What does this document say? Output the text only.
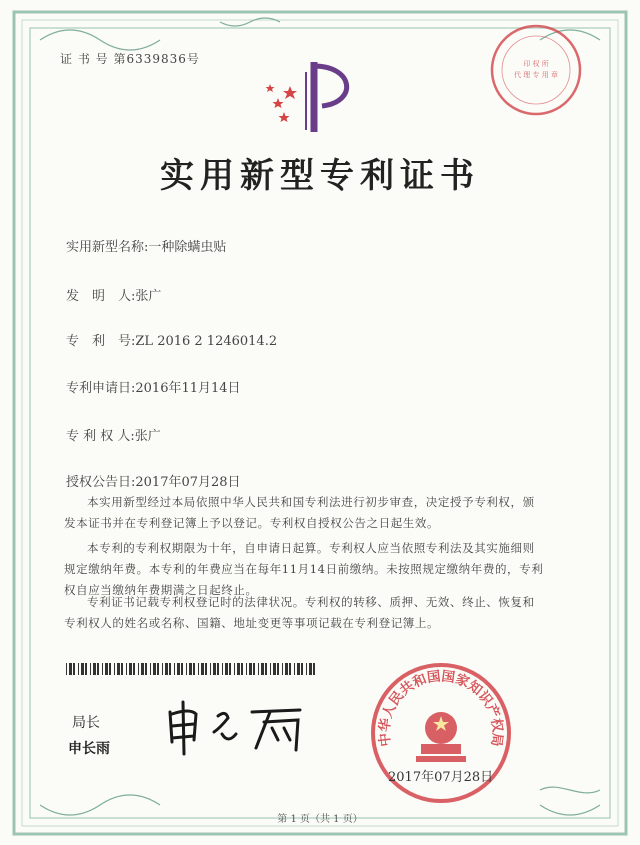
证 书 号 第6339836号	印 权 所
代 理 专 用 章
实用新型专利证书
实用新型名称:一种除螨虫贴
发　明　人:张广
专　利　号:ZL 2016 2 1246014.2
专利申请日:2016年11月14日
专 利 权 人:张广
授权公告日:2017年07月28日
本实用新型经过本局依照中华人民共和国专利法进行初步审查，决定授予专利权，颁发本证书并在专利登记簿上予以登记。专利权自授权公告之日起生效。
本专利的专利权期限为十年，自申请日起算。专利权人应当依照专利法及其实施细则规定缴纳年费。本专利的年费应当在每年11月14日前缴纳。未按照规定缴纳年费的，专利权自应当缴纳年费期满之日起终止。
专利证书记载专利权登记时的法律状况。专利权的转移、质押、无效、终止、恢复和专利权人的姓名或名称、国籍、地址变更等事项记载在专利登记簿上。
局长
申长雨
中华人民共和国国家知识产权局
2017年07月28日
第 1 页（共 1 页）
